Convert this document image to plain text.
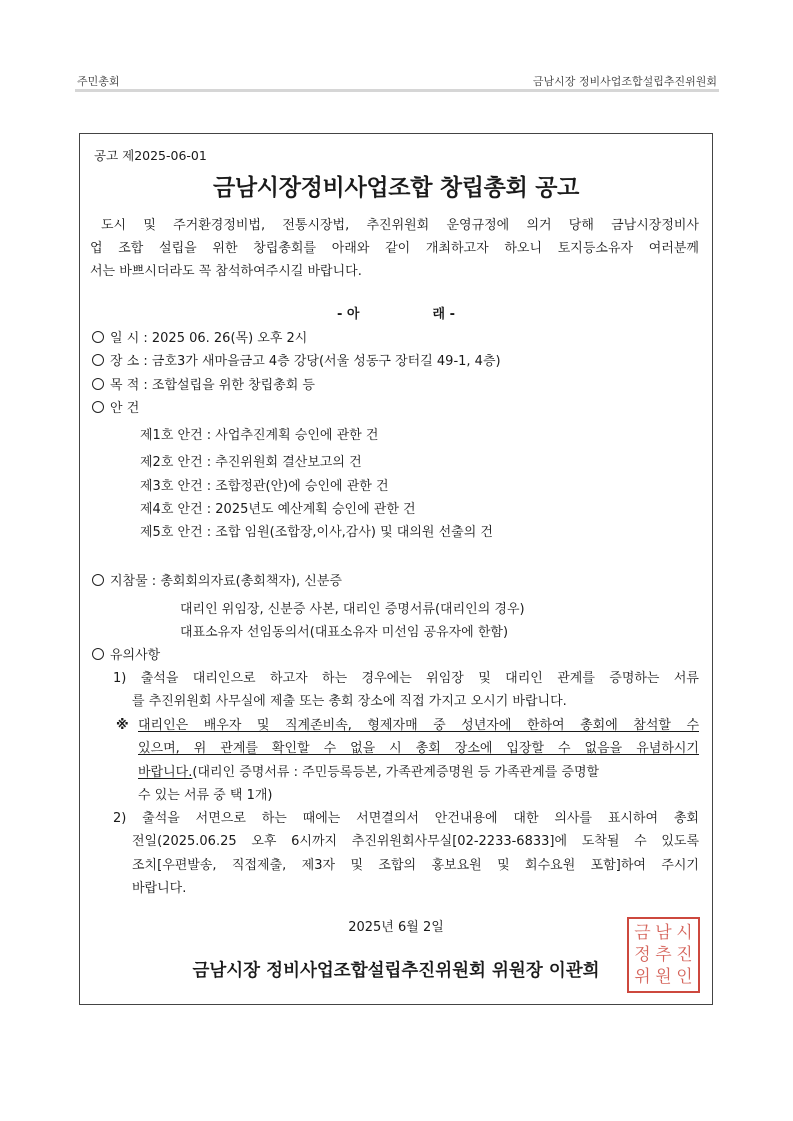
주민총회	금남시장 정비사업조합설립추진위원회
공고 제2025-06-01
금남시장정비사업조합 창립총회 공고
도시 및 주거환경정비법, 전통시장법, 추진위원회 운영규정에 의거 당해 금남시장정비사
업 조합 설립을 위한 창립총회를 아래와 같이 개최하고자 하오니 토지등소유자 여러분께
서는 바쁘시더라도 꼭 참석하여주시길 바랍니다.
- 아	래 -
일 시 : 2025 06. 26(목) 오후 2시
장 소 : 금호3가 새마을금고 4층 강당(서울 성동구 장터길 49-1, 4층)
목 적 : 조합설립을 위한 창립총회 등
안 건
제1호 안건 : 사업추진계획 승인에 관한 건
제2호 안건 : 추진위원회 결산보고의 건
제3호 안건 : 조합정관(안)에 승인에 관한 건
제4호 안건 : 2025년도 예산계획 승인에 관한 건
제5호 안건 : 조합 임원(조합장,이사,감사) 및 대의원 선출의 건
지참물 : 총회회의자료(총회책자), 신분증
대리인 위임장, 신분증 사본, 대리인 증명서류(대리인의 경우)
대표소유자 선임동의서(대표소유자 미선임 공유자에 한함)
유의사항
1) 출석을 대리인으로 하고자 하는 경우에는 위임장 및 대리인 관계를 증명하는 서류
를 추진위원회 사무실에 제출 또는 총회 장소에 직접 가지고 오시기 바랍니다.
※ 대리인은 배우자 및 직계존비속, 형제자매 중 성년자에 한하여 총회에 참석할 수
있으며, 위 관계를 확인할 수 없을 시 총회 장소에 입장할 수 없음을 유념하시기
바랍니다.(대리인 증명서류 : 주민등록등본, 가족관계증명원 등 가족관계를 증명할
수 있는 서류 중 택 1개)
2) 출석을 서면으로 하는 때에는 서면결의서 안건내용에 대한 의사를 표시하여 총회
전일(2025.06.25 오후 6시까지 추진위원회사무실[02-2233-6833]에 도착될 수 있도록
조치[우편발송, 직접제출, 제3자 및 조합의 홍보요원 및 회수요원 포함]하여 주시기
바랍니다.
2025년 6월 2일	금 남 시
정 추 진
위 원 인
금남시장 정비사업조합설립추진위원회 위원장 이관희
